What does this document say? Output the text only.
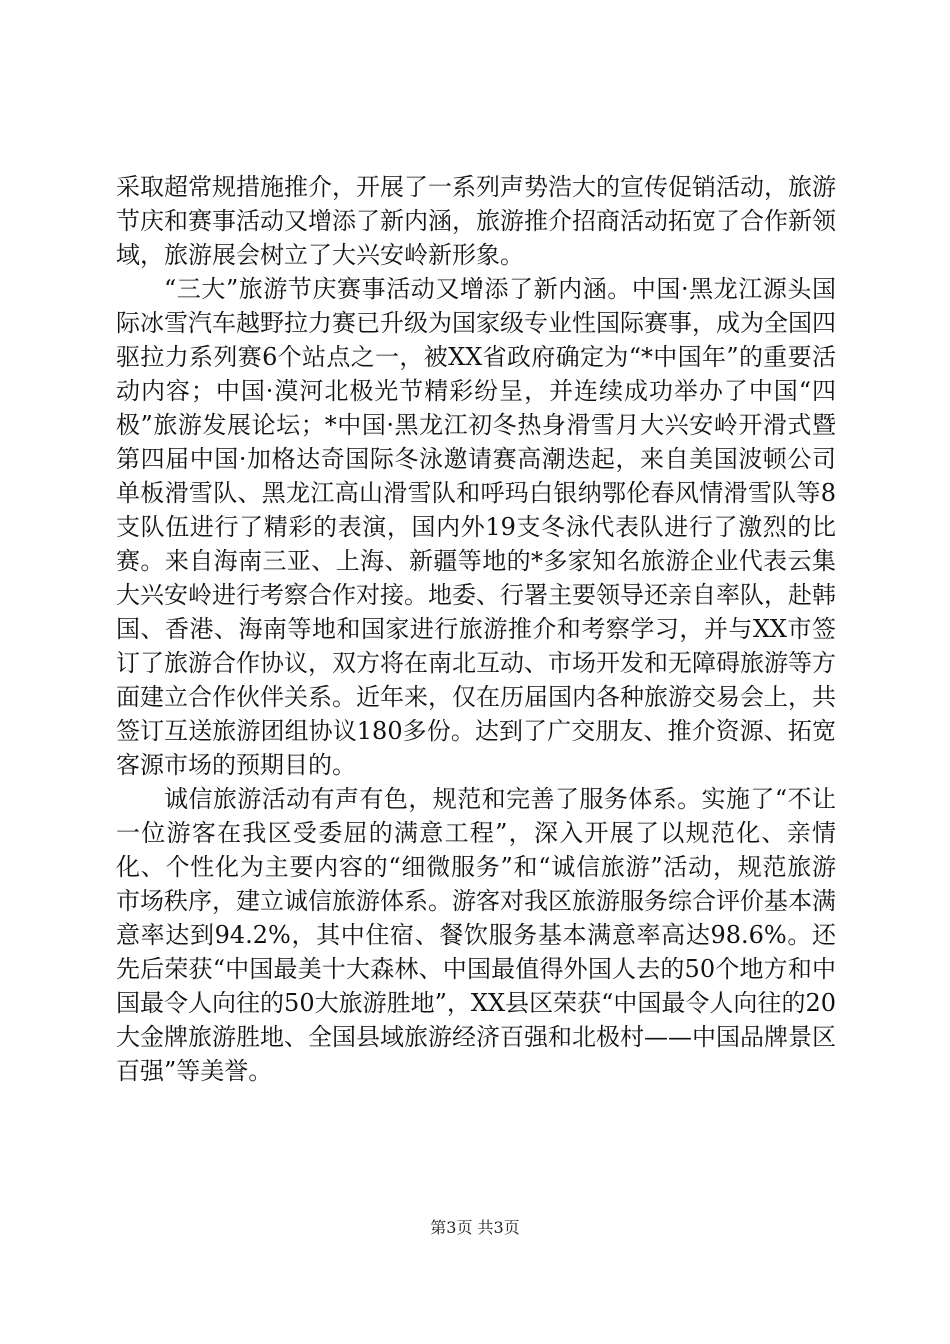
采取超常规措施推介，开展了一系列声势浩大的宣传促销活动，旅游节庆和赛事活动又增添了新内涵，旅游推介招商活动拓宽了合作新领域，旅游展会树立了大兴安岭新形象。

“三大”旅游节庆赛事活动又增添了新内涵。中国·黑龙江源头国际冰雪汽车越野拉力赛已升级为国家级专业性国际赛事，成为全国四驱拉力系列赛6个站点之一，被XX省政府确定为“*中国年”的重要活动内容；中国·漠河北极光节精彩纷呈，并连续成功举办了中国“四极”旅游发展论坛；*中国·黑龙江初冬热身滑雪月大兴安岭开滑式暨第四届中国·加格达奇国际冬泳邀请赛高潮迭起，来自美国波顿公司单板滑雪队、黑龙江高山滑雪队和呼玛白银纳鄂伦春风情滑雪队等8支队伍进行了精彩的表演，国内外19支冬泳代表队进行了激烈的比赛。来自海南三亚、上海、新疆等地的*多家知名旅游企业代表云集大兴安岭进行考察合作对接。地委、行署主要领导还亲自率队，赴韩国、香港、海南等地和国家进行旅游推介和考察学习，并与XX市签订了旅游合作协议，双方将在南北互动、市场开发和无障碍旅游等方面建立合作伙伴关系。近年来，仅在历届国内各种旅游交易会上，共签订互送旅游团组协议180多份。达到了广交朋友、推介资源、拓宽客源市场的预期目的。

诚信旅游活动有声有色，规范和完善了服务体系。实施了“不让一位游客在我区受委屈的满意工程”，深入开展了以规范化、亲情化、个性化为主要内容的“细微服务”和“诚信旅游”活动，规范旅游市场秩序，建立诚信旅游体系。游客对我区旅游服务综合评价基本满意率达到94.2%，其中住宿、餐饮服务基本满意率高达98.6%。还先后荣获“中国最美十大森林、中国最值得外国人去的50个地方和中国最令人向往的50大旅游胜地”，XX县区荣获“中国最令人向往的20大金牌旅游胜地、全国县域旅游经济百强和北极村——中国品牌景区百强”等美誉。

第3页 共3页
